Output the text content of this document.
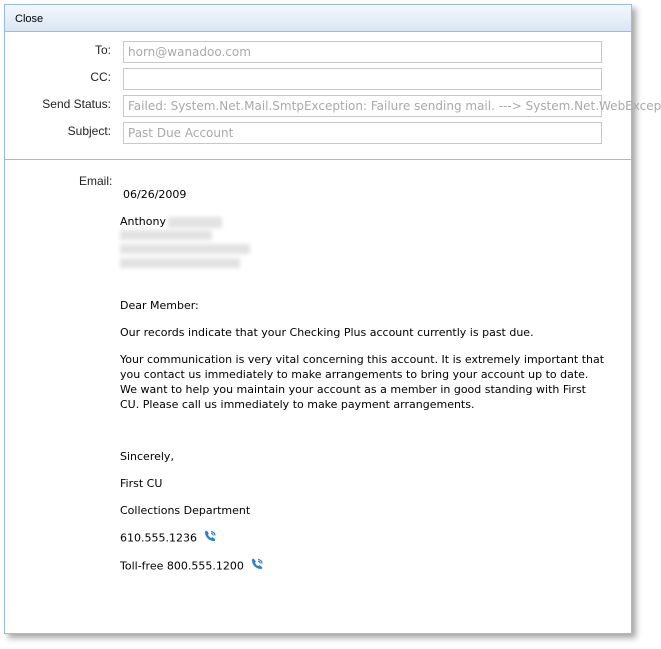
Close
To:	horn@wanadoo.com
CC:
Send Status:	Failed: System.Net.Mail.SmtpException: Failure sending mail. ---> System.Net.WebExcep
Subject:	Past Due Account
Email:
06/26/2009
Anthony
Dear Member:
Our records indicate that your Checking Plus account currently is past due.
Your communication is very vital concerning this account. It is extremely important that you contact us immediately to make arrangements to bring your account up to date. We want to help you maintain your account as a member in good standing with First CU. Please call us immediately to make payment arrangements.
Sincerely,
First CU
Collections Department
610.555.1236
Toll-free 800.555.1200
